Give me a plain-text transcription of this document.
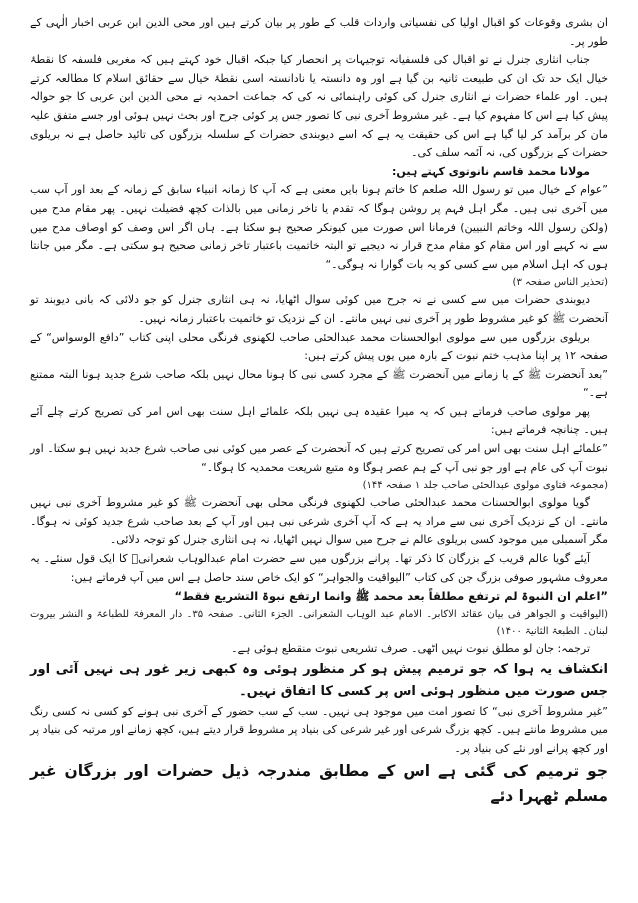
ان بشری وقوعات کو اقبال اولیا کی نفسیاتی واردات قلب کے طور پر بیان کرتے ہیں اور محی الدین ابن عربی اخبار الٰہی کے طور پر۔

جناب انثاری جنرل نے تو اقبال کی فلسفیانہ توجیہات پر انحصار کیا جبکہ اقبال خود کہتے ہیں کہ مغربی فلسفہ کا نقطۂ خیال ایک حد تک ان کی طبیعت ثانیہ بن گیا ہے اور وہ دانستہ یا نادانستہ اسی نقطۂ خیال سے حقائق اسلام کا مطالعہ کرتے ہیں۔ اور علماء حضرات نے انثاری جنرل کی کوئی راہنمائی نہ کی کہ جماعت احمدیہ نے محی الدین ابن عربی کا جو حوالہ پیش کیا ہے اس کا مفہوم کیا ہے۔ غیر مشروط آخری نبی کا تصور جس پر کوئی جرح اور بحث نہیں ہوئی اور جسے متفق علیہ مان کر برآمد کر لیا گیا ہے اس کی حقیقت یہ ہے کہ اسے دیوبندی حضرات کے سلسلہ بزرگوں کی تائید حاصل ہے نہ بریلوی حضرات کے بزرگوں کی، نہ آئمہ سلف کی۔

مولانا محمد قاسم نانوتوی کہتے ہیں:

”عوام کے خیال میں تو رسول اللہ صلعم کا خاتم ہونا بایں معنی ہے کہ آپ کا زمانہ انبیاء سابق کے زمانہ کے بعد اور آپ سب میں آخری نبی ہیں۔ مگر اہل فہم پر روشن ہوگا کہ تقدم یا تاخر زمانی میں بالذات کچھ فضیلت نہیں۔ پھر مقام مدح میں (ولکن رسول اللہ وخاتم النبیین) فرمانا اس صورت میں کیونکر صحیح ہو سکتا ہے۔ ہاں اگر اس وصف کو اوصاف مدح میں سے نہ کہیے اور اس مقام کو مقام مدح قرار نہ دیجیے تو البتہ خاتمیت باعتبار تاخر زمانی صحیح ہو سکتی ہے۔ مگر میں جانتا ہوں کہ اہل اسلام میں سے کسی کو یہ بات گوارا نہ ہوگی۔“

(تحذیر الناس صفحہ ۳)

دیوبندی حضرات میں سے کسی نے نہ جرح میں کوئی سوال اٹھایا، نہ ہی انثاری جنرل کو جو دلائی کہ بانی دیوبند تو آنحضرت ﷺ کو غیر مشروط طور پر آخری نبی نہیں مانتے۔ ان کے نزدیک تو خاتمیت باعتبار زمانہ نہیں۔

بریلوی بزرگوں میں سے مولوی ابوالحسنات محمد عبدالحئی صاحب لکھنوی فرنگی محلی اپنی کتاب ”دافع الوسواس“ کے صفحہ ۱۲ پر اپنا مذہب ختم نبوت کے بارہ میں یوں پیش کرتے ہیں:

”بعد آنحضرت ﷺ کے یا زمانے میں آنحضرت ﷺ کے مجرد کسی نبی کا ہونا محال نہیں بلکہ صاحب شرع جدید ہونا البتہ ممتنع ہے۔“

پھر مولوی صاحب فرماتے ہیں کہ یہ میرا عقیدہ ہی نہیں بلکہ علمائے اہل سنت بھی اس امر کی تصریح کرتے چلے آئے ہیں۔ چنانچہ فرماتے ہیں:

”علمائے اہل سنت بھی اس امر کی تصریح کرتے ہیں کہ آنحضرت کے عصر میں کوئی نبی صاحب شرع جدید نہیں ہو سکتا۔ اور نبوت آپ کی عام ہے اور جو نبی آپ کے ہم عصر ہوگا وہ متبع شریعت محمدیہ کا ہوگا۔“

(مجموعہ فتاوی مولوی عبدالحئی صاحب جلد ۱ صفحہ ۱۴۴)

گویا مولوی ابوالحسنات محمد عبدالحئی صاحب لکھنوی فرنگی محلی بھی آنحضرت ﷺ کو غیر مشروط آخری نبی نہیں مانتے۔ ان کے نزدیک آخری نبی سے مراد یہ ہے کہ آپ آخری شرعی نبی ہیں اور آپ کے بعد صاحب شرع جدید کوئی نہ ہوگا۔ مگر آسمبلی میں موجود کسی بریلوی عالم نے جرح میں سوال نہیں اٹھایا، نہ ہی انثاری جنرل کو توجہ دلائی۔

آیئے گویا عالم قریب کے بزرگان کا ذکر تھا۔ پرانے بزرگوں میں سے حضرت امام عبدالوہاب شعرانیؒ کا ایک قول سنئے۔ یہ معروف مشہور صوفی بزرگ جن کی کتاب ”الیواقیت والجواہر“ کو ایک خاص سند حاصل ہے اس میں آپ فرماتے ہیں:

”اعلم ان النبوۃ لم ترتفع مطلقاً بعد محمد ﷺ وانما ارتفع نبوۃ التشریع فقط“

(الیواقیت و الجواهر فی بیان عقائد الاکابر۔ الامام عبد الوہاب الشعرانی۔ الجزء الثانی۔ صفحہ ۳۵۔ دار المعرفۃ للطباعۃ و النشر بیروت لبنان۔ الطبعۃ الثانیۃ ۱۴۰۰)

ترجمہ: جان لو مطلق نبوت نہیں اٹھی۔ صرف تشریعی نبوت منقطع ہوئی ہے۔

انکشاف یہ ہوا کہ جو ترمیم پیش ہو کر منظور ہوئی وہ کبھی زیر غور ہی نہیں آئی اور جس صورت میں منظور ہوئی اس پر کسی کا اتفاق نہیں۔

”غیر مشروط آخری نبی“ کا تصور امت میں موجود ہی نہیں۔ سب کے سب حضور کے آخری نبی ہونے کو کسی نہ کسی رنگ میں مشروط مانتے ہیں۔ کچھ بزرگ شرعی اور غیر شرعی کی بنیاد پر مشروط قرار دیتے ہیں، کچھ زمانے اور مرتبہ کی بنیاد پر اور کچھ پرانے اور نئے کی بنیاد پر۔

جو ترمیم کی گئی ہے اس کے مطابق مندرجہ ذیل حضرات اور بزرگان غیر مسلم ٹھہرا دئے
